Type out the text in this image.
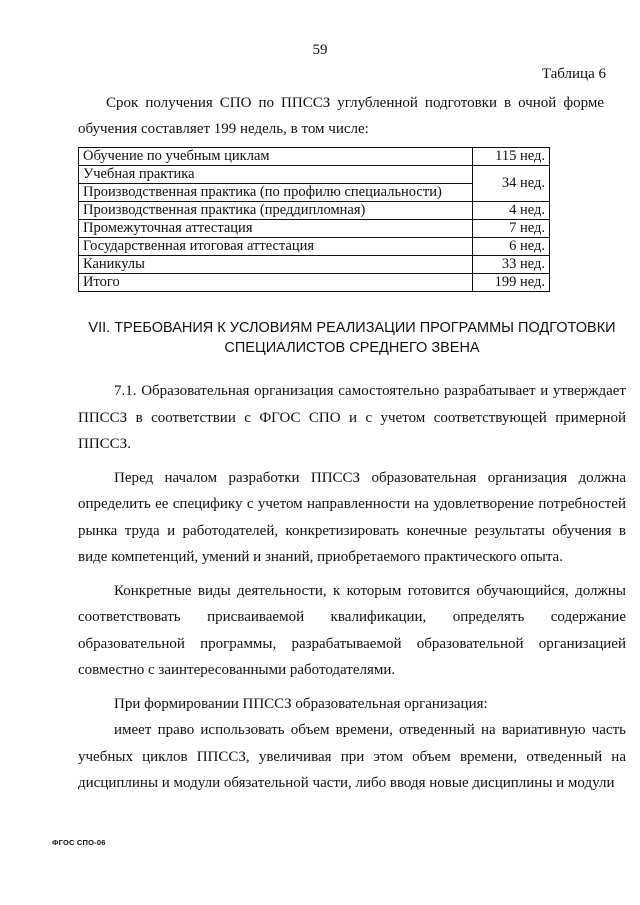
59
Таблица 6
Срок получения СПО по ППССЗ углубленной подготовки в очной форме обучения составляет 199 недель, в том числе:
Обучение по учебным циклам	115 нед.
Учебная практика	34 нед.
Производственная практика (по профилю специальности)	
Производственная практика (преддипломная)	4 нед.
Промежуточная аттестация	7 нед.
Государственная итоговая аттестация	6 нед.
Каникулы	33 нед.
Итого	199 нед.
VII. ТРЕБОВАНИЯ К УСЛОВИЯМ РЕАЛИЗАЦИИ ПРОГРАММЫ ПОДГОТОВКИ СПЕЦИАЛИСТОВ СРЕДНЕГО ЗВЕНА

7.1. Образовательная организация самостоятельно разрабатывает и утверждает ППССЗ в соответствии с ФГОС СПО и с учетом соответствующей примерной ППССЗ.

Перед началом разработки ППССЗ образовательная организация должна определить ее специфику с учетом направленности на удовлетворение потребностей рынка труда и работодателей, конкретизировать конечные результаты обучения в виде компетенций, умений и знаний, приобретаемого практического опыта.

Конкретные виды деятельности, к которым готовится обучающийся, должны соответствовать присваиваемой квалификации, определять содержание образовательной программы, разрабатываемой образовательной организацией совместно с заинтересованными работодателями.

При формировании ППССЗ образовательная организация:

имеет право использовать объем времени, отведенный на вариативную часть учебных циклов ППССЗ, увеличивая при этом объем времени, отведенный на дисциплины и модули обязательной части, либо вводя новые дисциплины и модули

ФГОС СПО-06
